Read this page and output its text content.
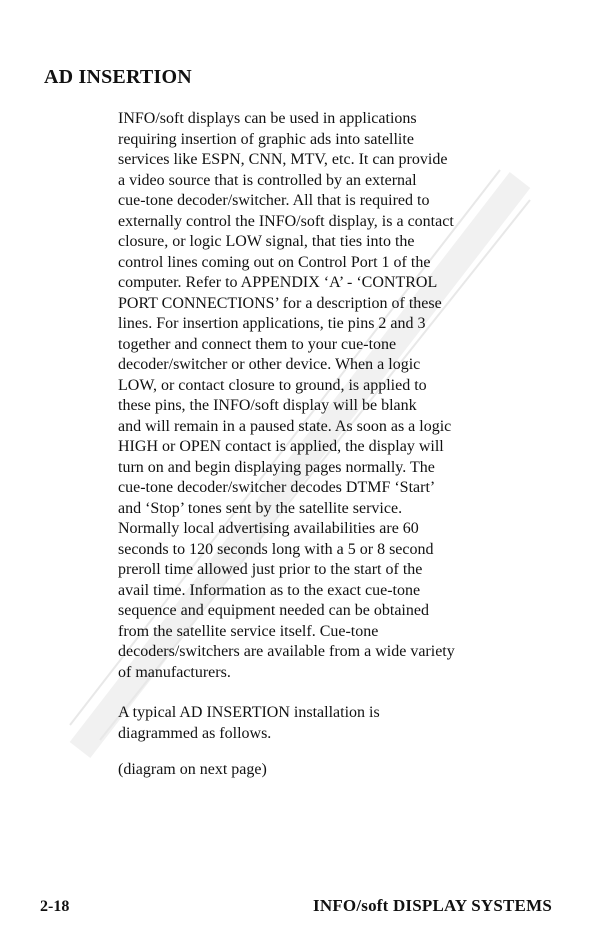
AD INSERTION
INFO/soft displays can be used in applications
requiring insertion of graphic ads into satellite
services like ESPN, CNN, MTV, etc. It can provide
a video source that is controlled by an external
cue-tone decoder/switcher. All that is required to
externally control the INFO/soft display, is a contact
closure, or logic LOW signal, that ties into the
control lines coming out on Control Port 1 of the
computer. Refer to APPENDIX ‘A’ - ‘CONTROL
PORT CONNECTIONS’ for a description of these
lines. For insertion applications, tie pins 2 and 3
together and connect them to your cue-tone
decoder/switcher or other device. When a logic
LOW, or contact closure to ground, is applied to
these pins, the INFO/soft display will be blank
and will remain in a paused state. As soon as a logic
HIGH or OPEN contact is applied, the display will
turn on and begin displaying pages normally. The
cue-tone decoder/switcher decodes DTMF ‘Start’
and ‘Stop’ tones sent by the satellite service.
Normally local advertising availabilities are 60
seconds to 120 seconds long with a 5 or 8 second
preroll time allowed just prior to the start of the
avail time. Information as to the exact cue-tone
sequence and equipment needed can be obtained
from the satellite service itself. Cue-tone
decoders/switchers are available from a wide variety
of manufacturers.
A typical AD INSERTION installation is
diagrammed as follows.
(diagram on next page)
2-18	INFO/soft DISPLAY SYSTEMS
